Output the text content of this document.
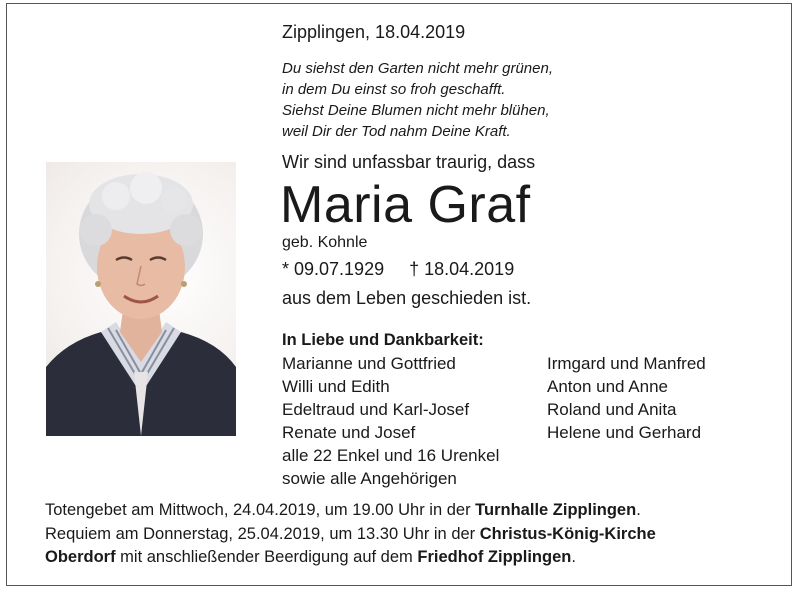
Zipplingen, 18.04.2019
Du siehst den Garten nicht mehr grünen,
in dem Du einst so froh geschafft.
Siehst Deine Blumen nicht mehr blühen,
weil Dir der Tod nahm Deine Kraft.
Wir sind unfassbar traurig, dass
Maria Graf
geb. Kohnle
* 09.07.1929     † 18.04.2019
aus dem Leben geschieden ist.
In Liebe und Dankbarkeit:
Marianne und Gottfried
Willi und Edith
Edeltraud und Karl-Josef
Renate und Josef
alle 22 Enkel und 16 Urenkel
sowie alle Angehörigen
Irmgard und Manfred
Anton und Anne
Roland und Anita
Helene und Gerhard
Totengebet am Mittwoch, 24.04.2019, um 19.00 Uhr in der Turnhalle Zipplingen.
Requiem am Donnerstag, 25.04.2019, um 13.30 Uhr in der Christus-König-Kirche
Oberdorf mit anschließender Beerdigung auf dem Friedhof Zipplingen.
